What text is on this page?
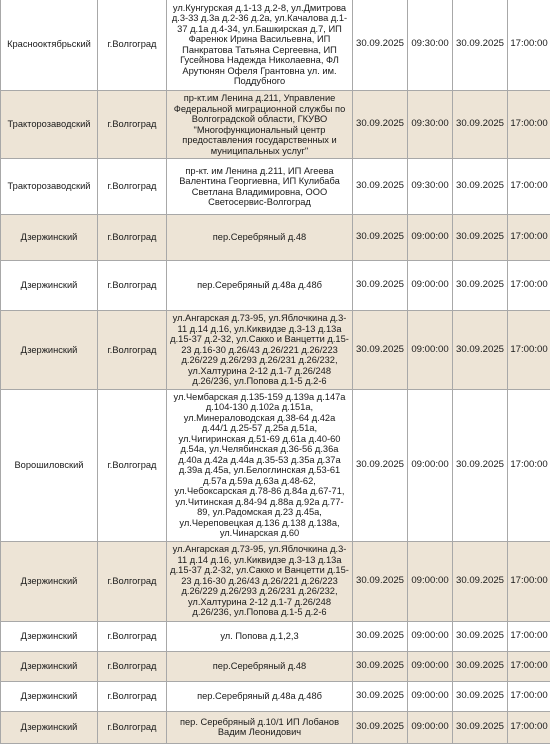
Красноoктябрьский	г.Волгоград	ул.Кунгурская д.1-13 д.2-8, ул.Дмитрова д.3-33 д.3а д.2-36 д.2а, ул.Качалова д.1-37 д.1а д.4-34, ул.Башкирская д.7, ИП Фаренюк Ирина Васильевна, ИП Панкратова Татьяна Сергеевна, ИП Гусейнова Надежда Николаевна, ФЛ Арутюнян Офеля Грантовна ул. им. Поддубного	30.09.2025	09:30:00	30.09.2025	17:00:00
Тракторозаводский	г.Волгоград	пр-кт.им Ленина д.211, Управление Федеральной миграционной службы по Волгоградской области, ГКУВО "Многофункциональный центр предоставления государственных и муниципальных услуг"	30.09.2025	09:30:00	30.09.2025	17:00:00
Тракторозаводский	г.Волгоград	пр-кт. им Ленина д.211, ИП Агеева Валентина Георгиевна, ИП Кулибаба Светлана Владимировна, ООО Светосервис-Волгоград	30.09.2025	09:30:00	30.09.2025	17:00:00
Дзержинский	г.Волгоград	пер.Серебряный д.48	30.09.2025	09:00:00	30.09.2025	17:00:00
Дзержинский	г.Волгоград	пер.Серебряный д.48а д.48б	30.09.2025	09:00:00	30.09.2025	17:00:00
Дзержинский	г.Волгоград	ул.Ангарская д.73-95, ул.Яблочкина д.3-11 д.14 д.16, ул.Киквидзе д.3-13 д.13а д.15-37 д.2-32, ул.Сакко и Ванцетти д.15-23 д.16-30 д.26/43 д.26/221 д.26/223 д.26/229 д.26/293 д.26/231 д.26/232, ул.Халтурина 2-12 д.1-7 д.26/248 д.26/236, ул.Попова д.1-5 д.2-6	30.09.2025	09:00:00	30.09.2025	17:00:00
Ворошиловский	г.Волгоград	ул.Чембарская д.135-159 д.139а д.147а д.104-130 д.102а д.151а, ул.Минераловодская д.38-64 д.42а д.44/1 д.25-57 д.25а д.51а, ул.Чигиринская д.51-69 д.61а д.40-60 д.54а, ул.Челябинская д.36-56 д.36а д.40а д.42а д.44а д.35-53 д.35а д.37а д.39а д.45а, ул.Белоглинская д.53-61 д.57а д.59а д.63а д.48-62, ул.Чебоксарская д.78-86 д.84а д.67-71, ул.Читинская д.84-94 д.88а д.92а д.77-89, ул.Радомская д.23 д.45а, ул.Череповецкая д.136 д.138 д.138а, ул.Чинарская д.60	30.09.2025	09:00:00	30.09.2025	17:00:00
Дзержинский	г.Волгоград	ул.Ангарская д.73-95, ул.Яблочкина д.3-11 д.14 д.16, ул.Киквидзе д.3-13 д.13а д.15-37 д.2-32, ул.Сакко и Ванцетти д.15-23 д.16-30 д.26/43 д.26/221 д.26/223 д.26/229 д.26/293 д.26/231 д.26/232, ул.Халтурина 2-12 д.1-7 д.26/248 д.26/236, ул.Попова д.1-5 д.2-6	30.09.2025	09:00:00	30.09.2025	17:00:00
Дзержинский	г.Волгоград	ул. Попова д.1,2,3	30.09.2025	09:00:00	30.09.2025	17:00:00
Дзержинский	г.Волгоград	пер.Серебряный д.48	30.09.2025	09:00:00	30.09.2025	17:00:00
Дзержинский	г.Волгоград	пер.Серебряный д.48а д.48б	30.09.2025	09:00:00	30.09.2025	17:00:00
Дзержинский	г.Волгоград	пер. Серебряный д.10/1 ИП Лобанов Вадим Леонидович	30.09.2025	09:00:00	30.09.2025	17:00:00
